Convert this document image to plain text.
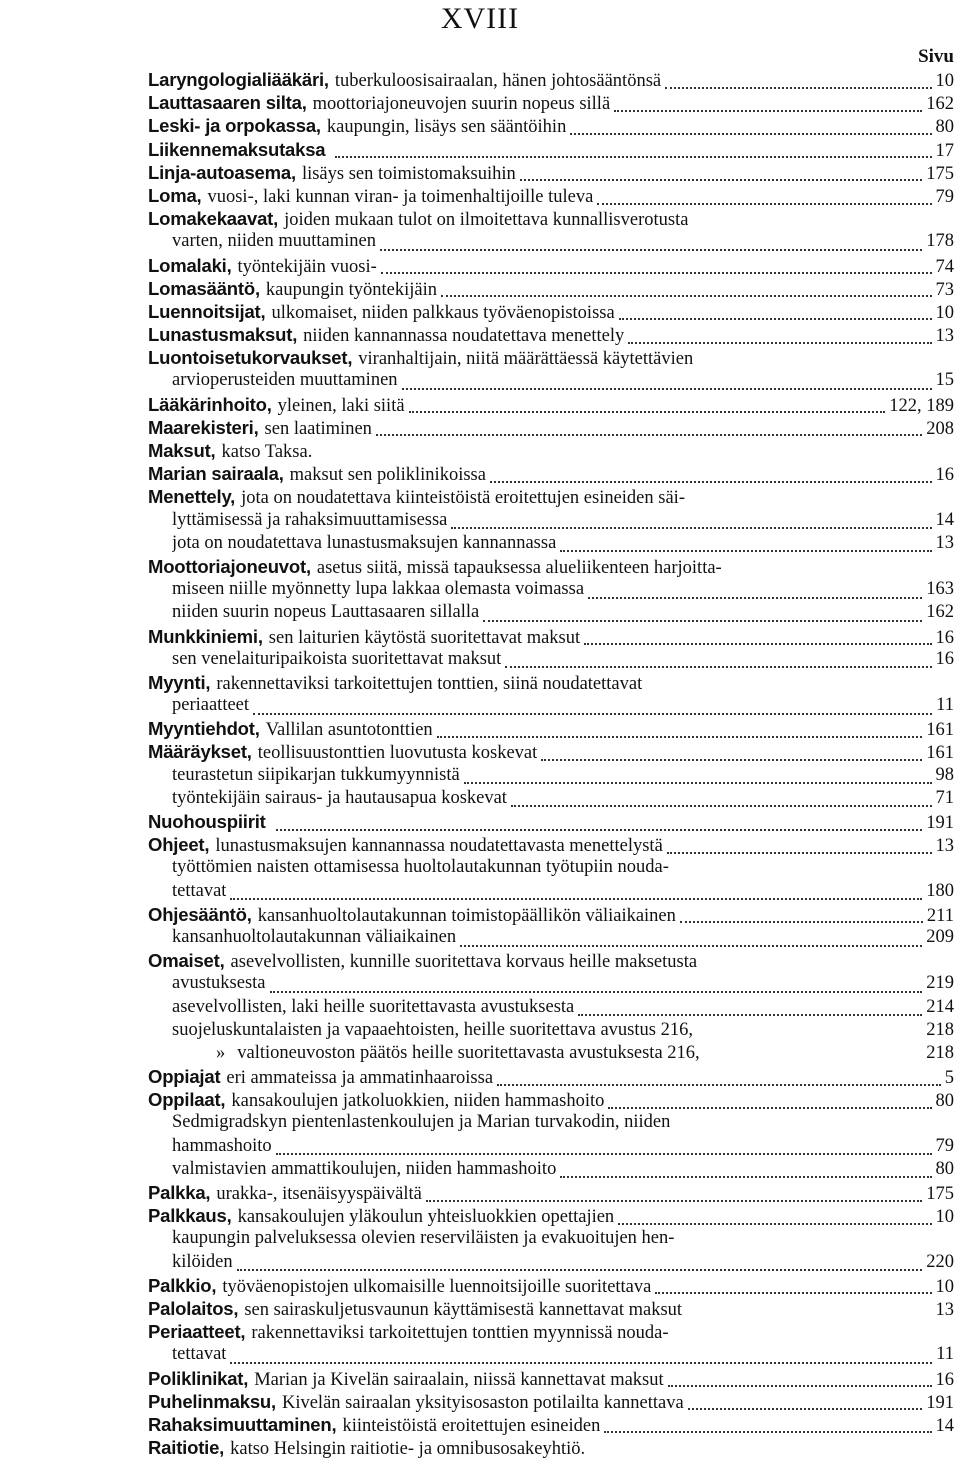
XVIII
Sivu
Laryngologialiääkäri, tuberkuloosisairaalan, hänen johtosääntönsä	10
Lauttasaaren silta, moottoriajoneuvojen suurin nopeus sillä	162
Leski- ja orpokassa, kaupungin, lisäys sen sääntöihin	80
Liikennemaksutaksa	17
Linja-autoasema, lisäys sen toimistomaksuihin	175
Loma, vuosi-, laki kunnan viran- ja toimenhaltijoille tuleva	79
Lomakekaavat, joiden mukaan tulot on ilmoitettava kunnallisverotusta
varten, niiden muuttaminen	178
Lomalaki, työntekijäin vuosi-	74
Lomasääntö, kaupungin työntekijäin	73
Luennoitsijat, ulkomaiset, niiden palkkaus työväenopistoissa	10
Lunastusmaksut, niiden kannannassa noudatettava menettely	13
Luontoisetukorvaukset, viranhaltijain, niitä määrättäessä käytettävien
arvioperusteiden muuttaminen	15
Lääkärinhoito, yleinen, laki siitä	122, 189
Maarekisteri, sen laatiminen	208
Maksut, katso Taksa.
Marian sairaala, maksut sen poliklinikoissa	16
Menettely, jota on noudatettava kiinteistöistä eroitettujen esineiden säi-
lyttämisessä ja rahaksimuuttamisessa	14
jota on noudatettava lunastusmaksujen kannannassa	13
Moottoriajoneuvot, asetus siitä, missä tapauksessa alueliikenteen harjoitta-
miseen niille myönnetty lupa lakkaa olemasta voimassa	163
niiden suurin nopeus Lauttasaaren sillalla	162
Munkkiniemi, sen laiturien käytöstä suoritettavat maksut	16
sen venelaituripaikoista suoritettavat maksut	16
Myynti, rakennettaviksi tarkoitettujen tonttien, siinä noudatettavat
periaatteet	11
Myyntiehdot, Vallilan asuntotonttien	161
Määräykset, teollisuustonttien luovutusta koskevat	161
teurastetun siipikarjan tukkumyynnistä	98
työntekijäin sairaus- ja hautausapua koskevat	71
Nuohouspiirit	191
Ohjeet, lunastusmaksujen kannannassa noudatettavasta menettelystä	13
työttömien naisten ottamisessa huoltolautakunnan työtupiin nouda-
tettavat	180
Ohjesääntö, kansanhuoltolautakunnan toimistopäällikön väliaikainen	211
kansanhuoltolautakunnan väliaikainen	209
Omaiset, asevelvollisten, kunnille suoritettava korvaus heille maksetusta
avustuksesta	219
asevelvollisten, laki heille suoritettavasta avustuksesta	214
suojeluskuntalaisten ja vapaaehtoisten, heille suoritettava avustus 216,	218
» valtioneuvoston päätös heille suoritettavasta avustuksesta 216,	218
Oppiajat eri ammateissa ja ammatinhaaroissa	5
Oppilaat, kansakoulujen jatkoluokkien, niiden hammashoito	80
Sedmigradskyn pientenlastenkoulujen ja Marian turvakodin, niiden
hammashoito	79
valmistavien ammattikoulujen, niiden hammashoito	80
Palkka, urakka-, itsenäisyyspäivältä	175
Palkkaus, kansakoulujen yläkoulun yhteisluokkien opettajien	10
kaupungin palveluksessa olevien reserviläisten ja evakuoitujen hen-
kilöiden	220
Palkkio, työväenopistojen ulkomaisille luennoitsijoille suoritettava	10
Palolaitos, sen sairaskuljetusvaunun käyttämisestä kannettavat maksut	13
Periaatteet, rakennettaviksi tarkoitettujen tonttien myynnissä nouda-
tettavat	11
Poliklinikat, Marian ja Kivelän sairaalain, niissä kannettavat maksut	16
Puhelinmaksu, Kivelän sairaalan yksityisosaston potilailta kannettava	191
Rahaksimuuttaminen, kiinteistöistä eroitettujen esineiden	14
Raitiotie, katso Helsingin raitiotie- ja omnibusosakeyhtiö.
